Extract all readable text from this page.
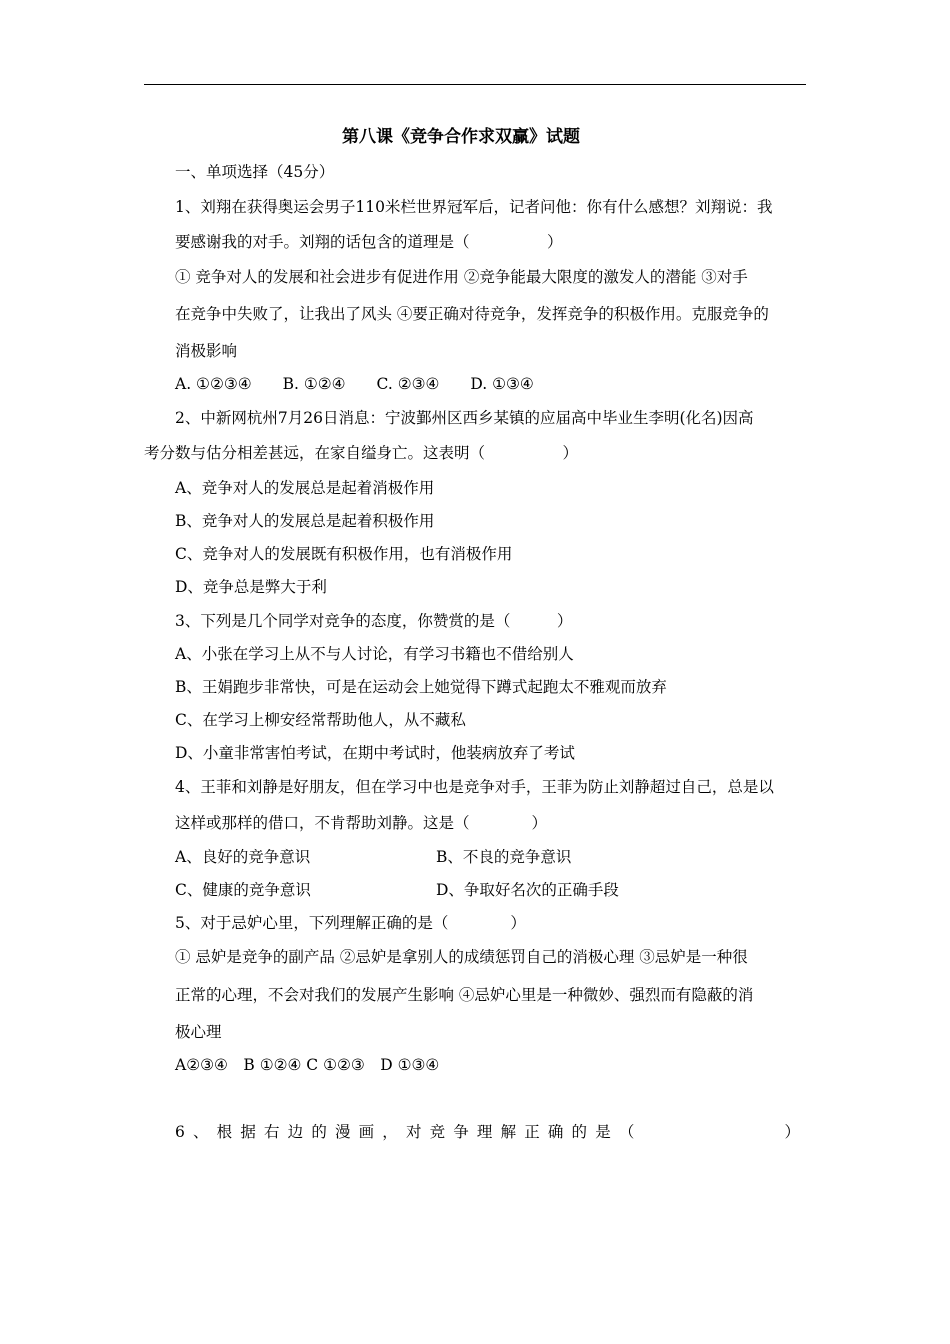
第八课《竞争合作求双赢》试题
一、单项选择（45分）
1、刘翔在获得奥运会男子110米栏世界冠军后，记者问他：你有什么感想？刘翔说：我
要感谢我的对手。刘翔的话包含的道理是（　　　　　）
① 竞争对人的发展和社会进步有促进作用 ②竞争能最大限度的激发人的潜能 ③对手
在竞争中失败了，让我出了风头 ④要正确对待竞争，发挥竞争的积极作用。克服竞争的
消极影响
A. ①②③④　　B. ①②④　　C. ②③④　　D. ①③④
2、中新网杭州7月26日消息：宁波鄞州区西乡某镇的应届高中毕业生李明(化名)因高
考分数与估分相差甚远，在家自缢身亡。这表明（　　　　　）
A、竞争对人的发展总是起着消极作用
B、竞争对人的发展总是起着积极作用
C、竞争对人的发展既有积极作用，也有消极作用
D、竞争总是弊大于利
3、下列是几个同学对竞争的态度，你赞赏的是（　　　）
A、小张在学习上从不与人讨论，有学习书籍也不借给别人
B、王娟跑步非常快，可是在运动会上她觉得下蹲式起跑太不雅观而放弃
C、在学习上柳安经常帮助他人，从不藏私
D、小童非常害怕考试，在期中考试时，他装病放弃了考试
4、王菲和刘静是好朋友，但在学习中也是竞争对手，王菲为防止刘静超过自己，总是以
这样或那样的借口，不肯帮助刘静。这是（　　　　）
A、良好的竞争意识	B、不良的竞争意识
C、健康的竞争意识	D、争取好名次的正确手段
5、对于忌妒心里，下列理解正确的是（　　　　）
① 忌妒是竞争的副产品 ②忌妒是拿别人的成绩惩罚自己的消极心理 ③忌妒是一种很
正常的心理，不会对我们的发展产生影响 ④忌妒心里是一种微妙、强烈而有隐蔽的消
极心理
A②③④　B ①②④ C ①②③　D ①③④
6、根据右边的漫画，对竞争理解正确的是（　　　　　　）
